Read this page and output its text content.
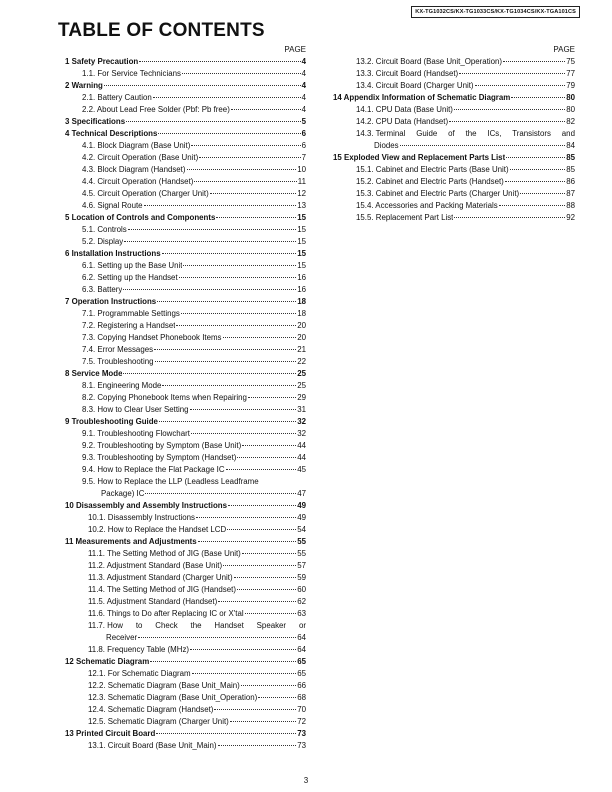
KX-TG1032CS/KX-TG1033CS/KX-TG1034CS/KX-TGA101CS
TABLE OF CONTENTS
PAGE
1 Safety Precaution	4
1.1. For Service Technicians	4
2 Warning	4
2.1. Battery Caution	4
2.2. About Lead Free Solder (Pbf: Pb free)	4
3 Specifications	5
4 Technical Descriptions	6
4.1. Block Diagram (Base Unit)	6
4.2. Circuit Operation (Base Unit)	7
4.3. Block Diagram (Handset)	10
4.4. Circuit Operation (Handset)	11
4.5. Circuit Operation (Charger Unit)	12
4.6. Signal Route	13
5 Location of Controls and Components	15
5.1. Controls	15
5.2. Display	15
6 Installation Instructions	15
6.1. Setting up the Base Unit	15
6.2. Setting up the Handset	16
6.3. Battery	16
7 Operation Instructions	18
7.1. Programmable Settings	18
7.2. Registering a Handset	20
7.3. Copying Handset Phonebook Items	20
7.4. Error Messages	21
7.5. Troubleshooting	22
8 Service Mode	25
8.1. Engineering Mode	25
8.2. Copying Phonebook Items when Repairing	29
8.3. How to Clear User Setting	31
9 Troubleshooting Guide	32
9.1. Troubleshooting Flowchart	32
9.2. Troubleshooting by Symptom (Base Unit)	44
9.3. Troubleshooting by Symptom (Handset)	44
9.4. How to Replace the Flat Package IC	45
9.5. How to Replace the LLP (Leadless Leadframe
Package) IC	47
10 Disassembly and Assembly Instructions	49
10.1. Disassembly Instructions	49
10.2. How to Replace the Handset LCD	54
11 Measurements and Adjustments	55
11.1. The Setting Method of JIG (Base Unit)	55
11.2. Adjustment Standard (Base Unit)	57
11.3. Adjustment Standard (Charger Unit)	59
11.4. The Setting Method of JIG (Handset)	60
11.5. Adjustment Standard (Handset)	62
11.6. Things to Do after Replacing IC or X'tal	63
11.7. How to Check the Handset Speaker or
Receiver	64
11.8. Frequency Table (MHz)	64
12 Schematic Diagram	65
12.1. For Schematic Diagram	65
12.2. Schematic Diagram (Base Unit_Main)	66
12.3. Schematic Diagram (Base Unit_Operation)	68
12.4. Schematic Diagram (Handset)	70
12.5. Schematic Diagram (Charger Unit)	72
13 Printed Circuit Board	73
13.1. Circuit Board (Base Unit_Main)	73
PAGE
13.2. Circuit Board (Base Unit_Operation)	75
13.3. Circuit Board (Handset)	77
13.4. Circuit Board (Charger Unit)	79
14 Appendix Information of Schematic Diagram	80
14.1. CPU Data (Base Unit)	80
14.2. CPU Data (Handset)	82
14.3. Terminal Guide of the ICs, Transistors and
Diodes	84
15 Exploded View and Replacement Parts List	85
15.1. Cabinet and Electric Parts (Base Unit)	85
15.2. Cabinet and Electric Parts (Handset)	86
15.3. Cabinet and Electric Parts (Charger Unit)	87
15.4. Accessories and Packing Materials	88
15.5. Replacement Part List	92
3
